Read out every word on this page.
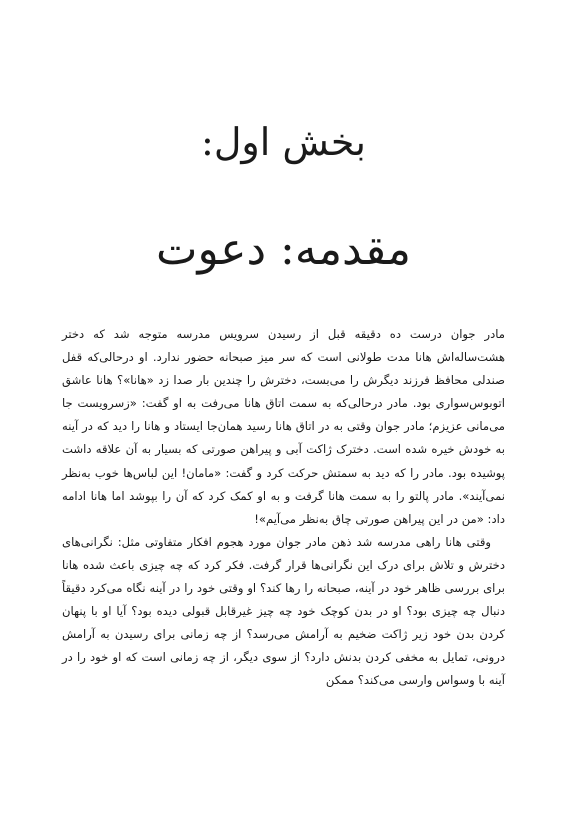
بخش اول:
مقدمه: دعوت

مادر جوان درست ده دقیقه قبل از رسیدن سرویس مدرسه متوجه شد که دختر هشت‌ساله‌اش هانا مدت طولانی است که سر میز صبحانه حضور ندارد. او درحالی‌که قفل صندلی محافظ فرزند دیگرش را می‌بست، دخترش را چندین بار صدا زد «هانا»؟ هانا عاشق اتوبوس‌سواری بود. مادر درحالی‌که به سمت اتاق هانا می‌رفت به او گفت: «زسرویست جا می‌مانی عزیزم؛ مادر جوان وقتی به در اتاق هانا رسید همان‌جا ایستاد و هانا را دید که در آینه به خودش خیره شده است. دخترک ژاکت آبی و پیراهن صورتی که بسیار به آن علاقه داشت پوشیده بود. مادر را که دید به سمتش حرکت کرد و گفت: «مامان! این لباس‌ها خوب به‌نظر نمی‌آیند». مادر پالتو را به سمت هانا گرفت و به او کمک کرد که آن را بپوشد اما هانا ادامه داد: «من در این پیراهن صورتی چاق به‌نظر می‌آیم»!

وقتی هانا راهی مدرسه شد ذهن مادر جوان مورد هجوم افکار متفاوتی مثل: نگرانی‌های دخترش و تلاش برای درک این نگرانی‌ها قرار گرفت. فکر کرد که چه چیزی باعث شده هانا برای بررسی ظاهر خود در آینه، صبحانه را رها کند؟ او وقتی خود را در آینه نگاه می‌کرد دقیقاً دنبال چه چیزی بود؟ او در بدن کوچک خود چه چیز غیرقابل قبولی دیده بود؟ آیا او با پنهان کردن بدن خود زیر ژاکت ضخیم به آرامش می‌رسد؟ از چه زمانی برای رسیدن به آرامش درونی، تمایل به مخفی کردن بدنش دارد؟ از سوی دیگر، از چه زمانی است که او خود را در آینه با وسواس وارسی می‌کند؟ ممکن
